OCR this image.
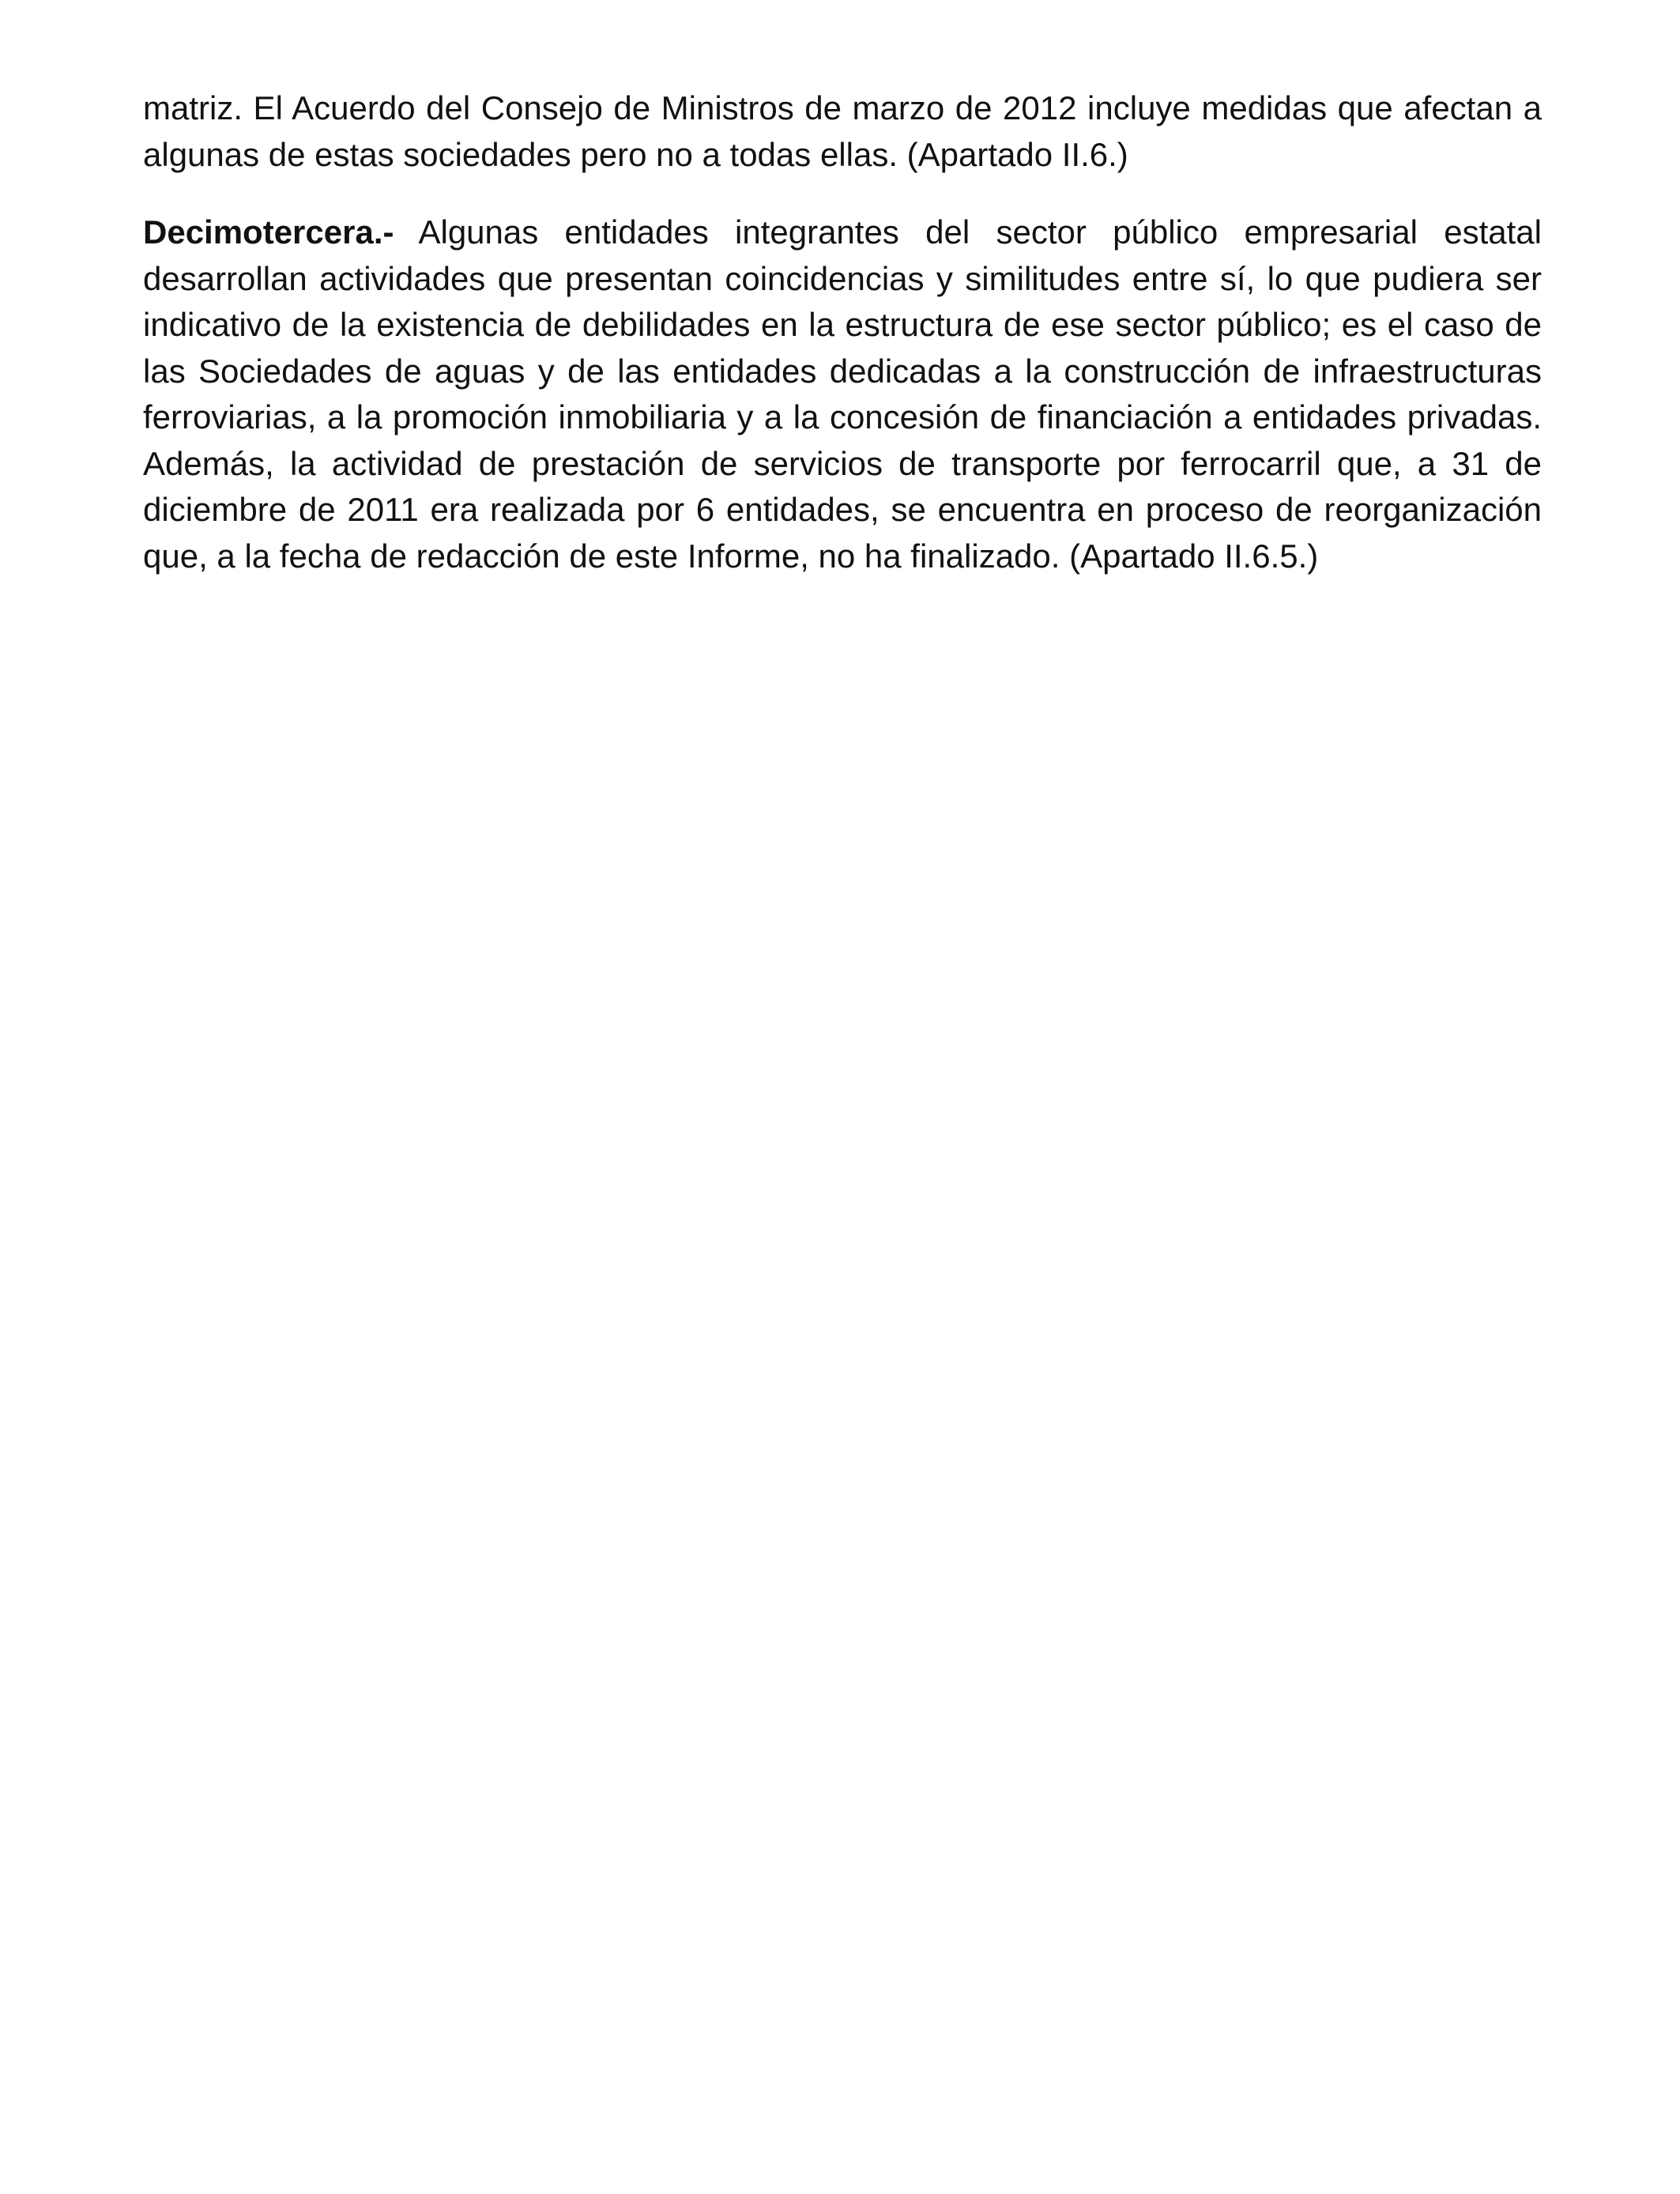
matriz. El Acuerdo del Consejo de Ministros de marzo de 2012 incluye medidas que afectan a algunas de estas sociedades pero no a todas ellas. (Apartado II.6.)

Decimotercera.- Algunas entidades integrantes del sector público empresarial estatal desarrollan actividades que presentan coincidencias y similitudes entre sí, lo que pudiera ser indicativo de la existencia de debilidades en la estructura de ese sector público; es el caso de las Sociedades de aguas y de las entidades dedicadas a la construcción de infraestructuras ferroviarias, a la promoción inmobiliaria y a la concesión de financiación a entidades privadas. Además, la actividad de prestación de servicios de transporte por ferrocarril que, a 31 de diciembre de 2011 era realizada por 6 entidades, se encuentra en proceso de reorganización que, a la fecha de redacción de este Informe, no ha finalizado. (Apartado II.6.5.)
